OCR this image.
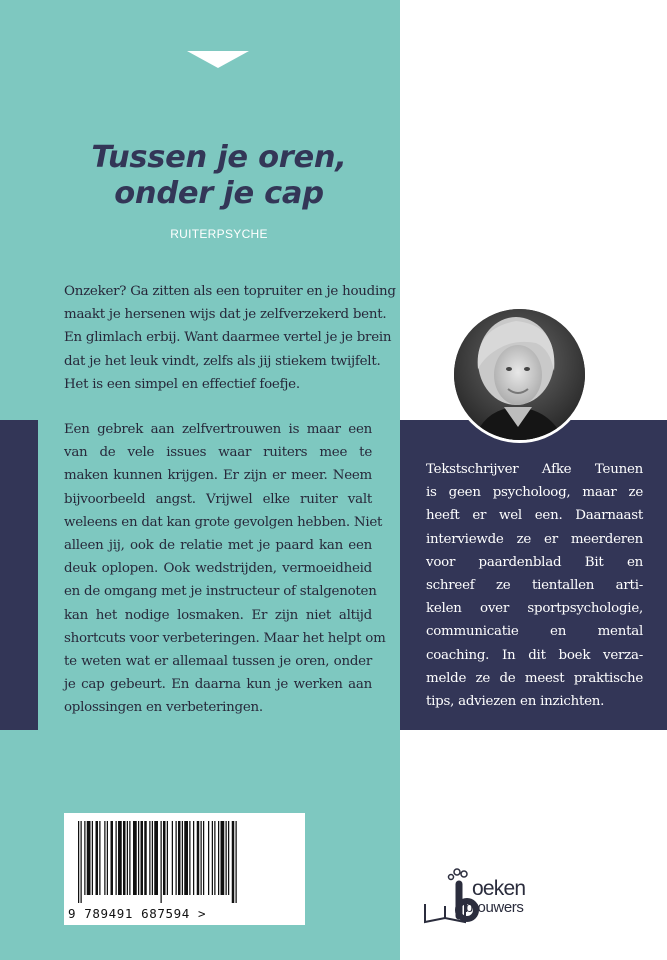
Tussen je oren,
onder je cap
RUITERPSYCHE
Onzeker? Ga zitten als een topruiter en je houding
maakt je hersenen wijs dat je zelfverzekerd bent.
En glimlach erbij. Want daarmee vertel je je brein
dat je het leuk vindt, zelfs als jij stiekem twijfelt.
Het is een simpel en effectief foefje.
Een gebrek aan zelfvertrouwen is maar een
van de vele issues waar ruiters mee te
maken kunnen krijgen. Er zijn er meer. Neem
bijvoorbeeld angst. Vrijwel elke ruiter valt
weleens en dat kan grote gevolgen hebben. Niet
alleen jij, ook de relatie met je paard kan een
deuk oplopen. Ook wedstrijden, vermoeidheid
en de omgang met je instructeur of stalgenoten
kan het nodige losmaken. Er zijn niet altijd
shortcuts voor verbeteringen. Maar het helpt om
te weten wat er allemaal tussen je oren, onder
je cap gebeurt. En daarna kun je werken aan
oplossingen en verbeteringen.
Tekstschrijver Afke Teunen
is geen psycholoog, maar ze
heeft er wel een. Daarnaast
interviewde ze er meerderen
voor paardenblad Bit en
schreef ze tientallen arti-
kelen over sportpsychologie,
communicatie en mental
coaching. In dit boek verza-
melde ze de meest praktische
tips, adviezen en inzichten.
9 789491 687594 >
oeken
brouwers
